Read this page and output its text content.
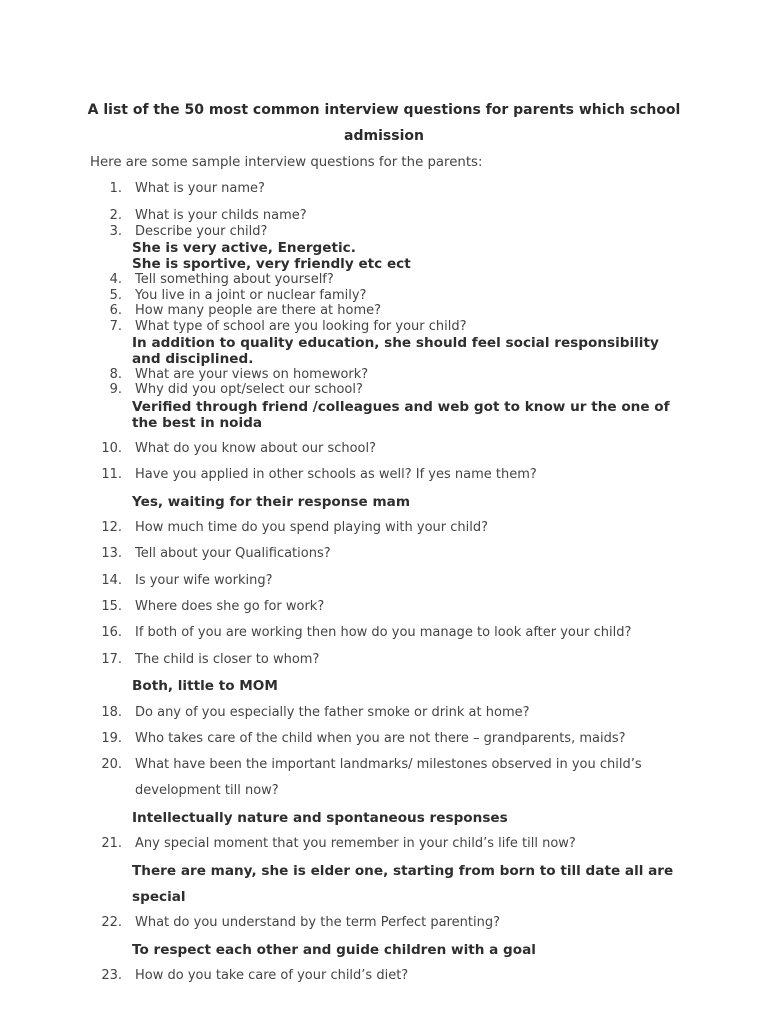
A list of the 50 most common interview questions for parents which school
admission
Here are some sample interview questions for the parents:
1. What is your name?
2. What is your childs name?
3. Describe your child?
She is very active, Energetic.
She is sportive, very friendly etc ect
4. Tell something about yourself?
5. You live in a joint or nuclear family?
6. How many people are there at home?
7. What type of school are you looking for your child?
In addition to quality education, she should feel social responsibility and disciplined.
8. What are your views on homework?
9. Why did you opt/select our school?
Verified through friend /colleagues and web got to know ur the one of the best in noida
10. What do you know about our school?
11. Have you applied in other schools as well? If yes name them?
Yes, waiting for their response mam
12. How much time do you spend playing with your child?
13. Tell about your Qualifications?
14. Is your wife working?
15. Where does she go for work?
16. If both of you are working then how do you manage to look after your child?
17. The child is closer to whom?
Both, little to MOM
18. Do any of you especially the father smoke or drink at home?
19. Who takes care of the child when you are not there – grandparents, maids?
20. What have been the important landmarks/ milestones observed in you child’s
development till now?
Intellectually nature and spontaneous responses
21. Any special moment that you remember in your child’s life till now?
There are many, she is elder one, starting from born to till date all are
special
22. What do you understand by the term Perfect parenting?
To respect each other and guide children with a goal
23. How do you take care of your child’s diet?
